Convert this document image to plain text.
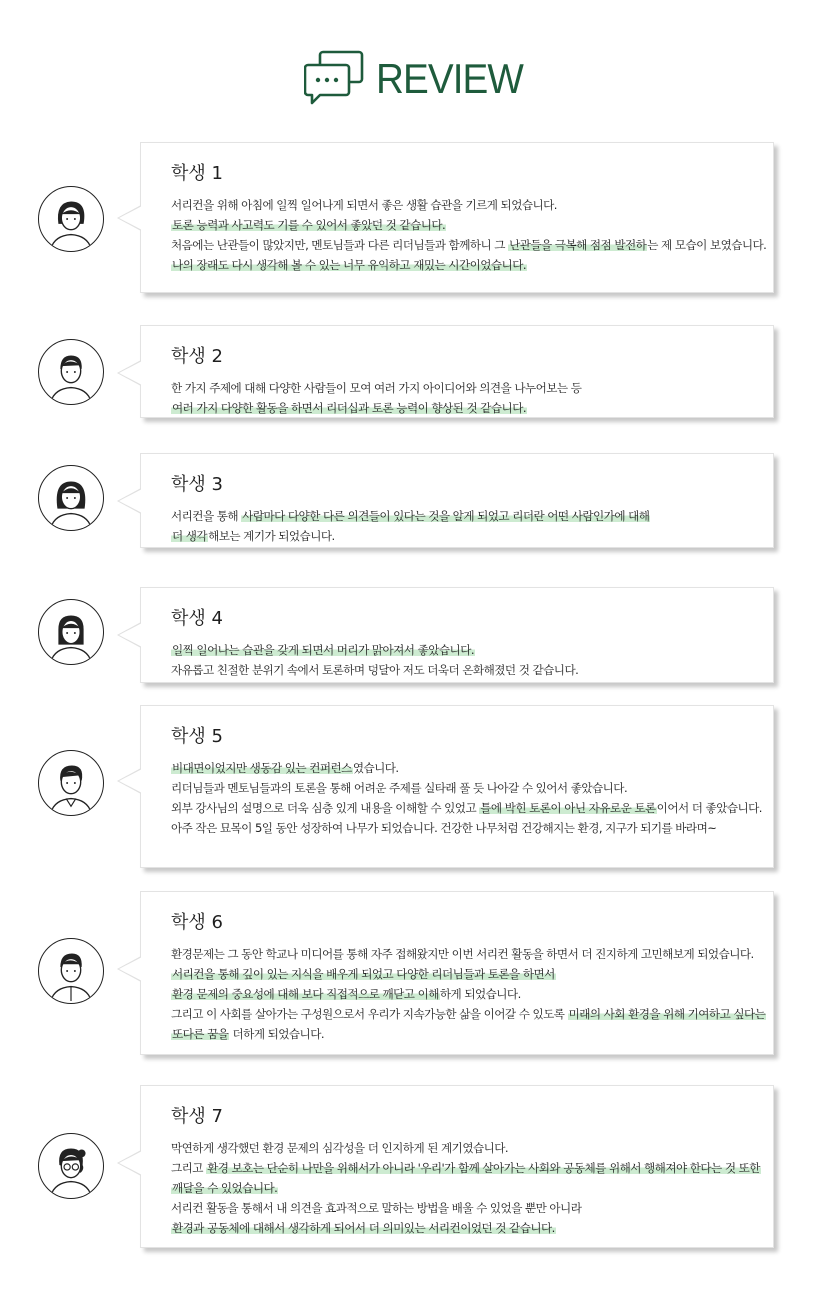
REVIEW
학생 1
서리컨을 위해 아침에 일찍 일어나게 되면서 좋은 생활 습관을 기르게 되었습니다.
토론 능력과 사고력도 기를 수 있어서 좋았던 것 같습니다.
처음에는 난관들이 많았지만, 멘토님들과 다른 리더님들과 함께하니 그 난관들을 극복해 점점 발전하는 제 모습이 보였습니다.
나의 장래도 다시 생각해 볼 수 있는 너무 유익하고 재밌는 시간이었습니다.
학생 2
한 가지 주제에 대해 다양한 사람들이 모여 여러 가지 아이디어와 의견을 나누어보는 등
여러 가지 다양한 활동을 하면서 리더십과 토론 능력이 향상된 것 같습니다.
학생 3
서리컨을 통해 사람마다 다양한 다른 의견들이 있다는 것을 알게 되었고 리더란 어떤 사람인가에 대해
더 생각해보는 계기가 되었습니다.
학생 4
일찍 일어나는 습관을 갖게 되면서 머리가 맑아져서 좋았습니다.
자유롭고 친절한 분위기 속에서 토론하며 덩달아 저도 더욱더 온화해졌던 것 같습니다.
학생 5
비대면이었지만 생동감 있는 컨퍼런스였습니다.
리더님들과 멘토님들과의 토론을 통해 어려운 주제를 실타래 풀 듯 나아갈 수 있어서 좋았습니다.
외부 강사님의 설명으로 더욱 심층 있게 내용을 이해할 수 있었고 틀에 박힌 토론이 아닌 자유로운 토론이어서 더 좋았습니다.
아주 작은 묘목이 5일 동안 성장하여 나무가 되었습니다. 건강한 나무처럼 건강해지는 환경, 지구가 되기를 바라며~
학생 6
환경문제는 그 동안 학교나 미디어를 통해 자주 접해왔지만 이번 서리컨 활동을 하면서 더 진지하게 고민해보게 되었습니다.
서리컨을 통해 깊이 있는 지식을 배우게 되었고 다양한 리더님들과 토론을 하면서
환경 문제의 중요성에 대해 보다 직접적으로 깨닫고 이해하게 되었습니다.
그리고 이 사회를 살아가는 구성원으로서 우리가 지속가능한 삶을 이어갈 수 있도록 미래의 사회 환경을 위해 기여하고 싶다는
또다른 꿈을 더하게 되었습니다.
학생 7
막연하게 생각했던 환경 문제의 심각성을 더 인지하게 된 계기였습니다.
그리고 환경 보호는 단순히 나만을 위해서가 아니라 '우리'가 함께 살아가는 사회와 공동체를 위해서 행해져야 한다는 것 또한
깨달을 수 있었습니다.
서리컨 활동을 통해서 내 의견을 효과적으로 말하는 방법을 배울 수 있었을 뿐만 아니라
환경과 공동체에 대해서 생각하게 되어서 더 의미있는 서리컨이었던 것 같습니다.
